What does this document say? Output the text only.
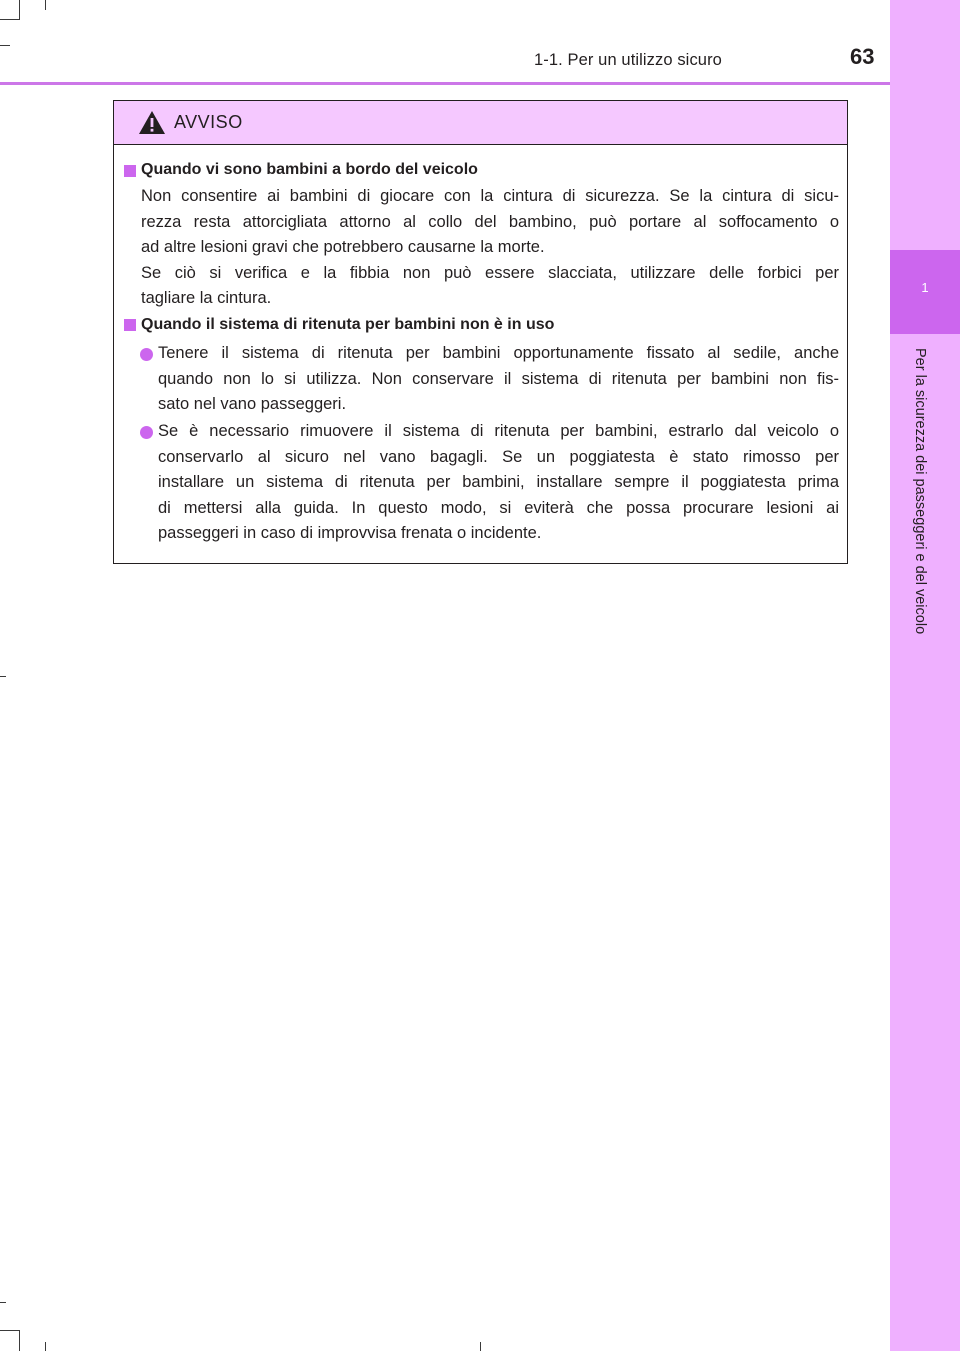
1
Per la sicurezza dei passeggeri e del veicolo
1-1. Per un utilizzo sicuro	63
AVVISO
Quando vi sono bambini a bordo del veicolo
Non consentire ai bambini di giocare con la cintura di sicurezza. Se la cintura di sicu-
rezza resta attorcigliata attorno al collo del bambino, può portare al soffocamento o
ad altre lesioni gravi che potrebbero causarne la morte.
Se ciò si verifica e la fibbia non può essere slacciata, utilizzare delle forbici per
tagliare la cintura.
Quando il sistema di ritenuta per bambini non è in uso
Tenere il sistema di ritenuta per bambini opportunamente fissato al sedile, anche
quando non lo si utilizza. Non conservare il sistema di ritenuta per bambini non fis-
sato nel vano passeggeri.
Se è necessario rimuovere il sistema di ritenuta per bambini, estrarlo dal veicolo o
conservarlo al sicuro nel vano bagagli. Se un poggiatesta è stato rimosso per
installare un sistema di ritenuta per bambini, installare sempre il poggiatesta prima
di mettersi alla guida. In questo modo, si eviterà che possa procurare lesioni ai
passeggeri in caso di improvvisa frenata o incidente.
